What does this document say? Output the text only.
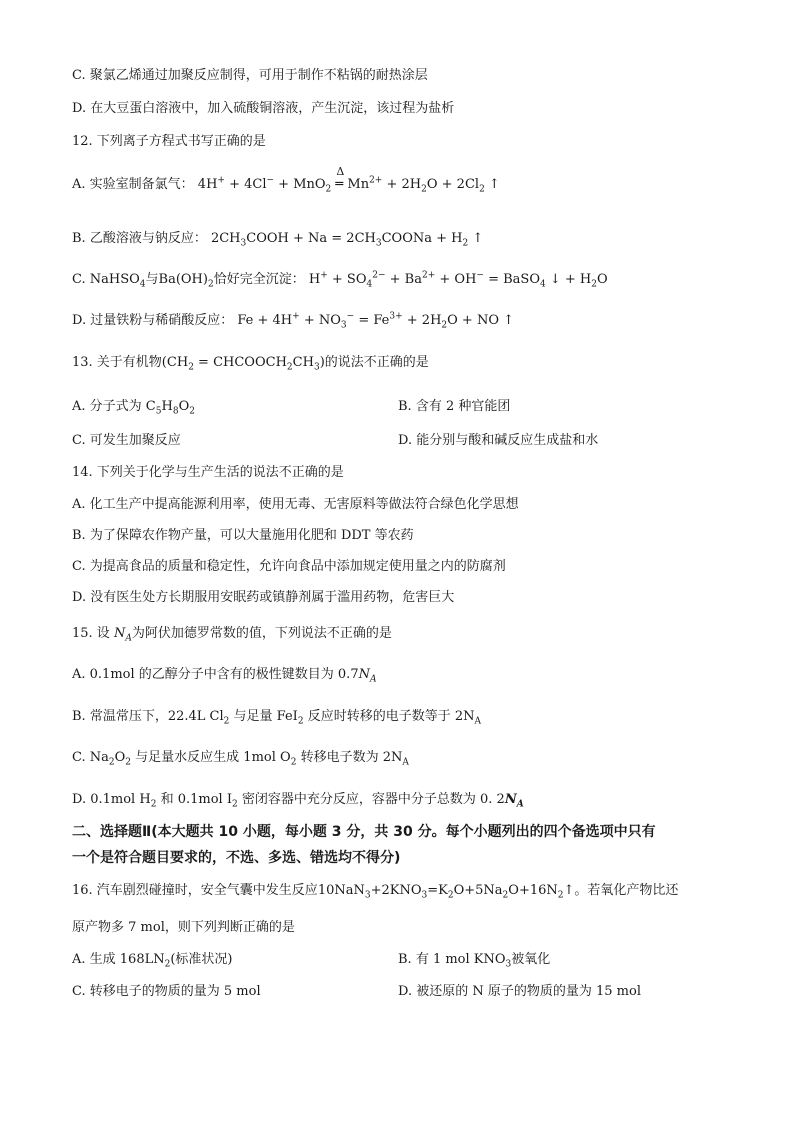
C. 聚氯乙烯通过加聚反应制得，可用于制作不粘锅的耐热涂层
D. 在大豆蛋白溶液中，加入硫酸铜溶液，产生沉淀，该过程为盐析
12. 下列离子方程式书写正确的是
A. 实验室制备氯气： 4H+ + 4Cl− + MnO$_2$
Δ
═ $Mn^{2+} + 2H_2O + 2Cl_2$ ↑
B. 乙酸溶液与钠反应： $2CH_3COOH + Na$ = $2CH_3COONa + H_2$ ↑
C. NaHSO$_4$与$Ba(OH)_2$恰好完全沉淀： $H^+ + SO_4^{2-} + Ba^{2+} + OH^-$ = BaSO$_4$ ↓ + $H_2O$
D. 过量铁粉与稀硝酸反应： $Fe + 4H^+ + NO_3^- = Fe^{3+} + 2H_2O$ + NO ↑
13. 关于有机物($CH_2$ = $CHCOOCH_2CH_3$)的说法不正确的是
A. 分子式为 $C_5H_8O_2$	B. 含有 2 种官能团
C. 可发生加聚反应	D. 能分别与酸和碱反应生成盐和水
14. 下列关于化学与生产生活的说法不正确的是
A. 化工生产中提高能源利用率，使用无毒、无害原料等做法符合绿色化学思想
B. 为了保障农作物产量，可以大量施用化肥和 DDT 等农药
C. 为提高食品的质量和稳定性，允许向食品中添加规定使用量之内的防腐剂
D. 没有医生处方长期服用安眠药或镇静剂属于滥用药物，危害巨大
15. 设 $N_A$为阿伏加德罗常数的值，下列说法不正确的是
A. 0.1mol 的乙醇分子中含有的极性键数目为 $0.7N_A$
B. 常温常压下，22.4L $Cl_2$ 与足量 FeI$_2$ 反应时转移的电子数等于 $2N_A$
C. $Na_2O_2$ 与足量水反应生成 1mol $O_2$ 转移电子数为 $2N_A$
D. 0.1mol $H_2$ 和 0.1mol $I_2$ 密闭容器中充分反应，容器中分子总数为 0. $2N_A$
二、选择题Ⅱ(本大题共 10 小题，每小题 3 分，共 30 分。每个小题列出的四个备选项中只有
一个是符合题目要求的，不选、多选、错选均不得分)
16. 汽车剧烈碰撞时，安全气囊中发生反应$10NaN_3+2KNO_3=K_2O+5Na_2O+16N_2↑$。若氧化产物比还
原产物多 7 mol，则下列判断正确的是
A. 生成 $168LN_2$(标准状况)	B. 有 1 mol $KNO_3$被氧化
C. 转移电子的物质的量为 5 mol	D. 被还原的 N 原子的物质的量为 15 mol
